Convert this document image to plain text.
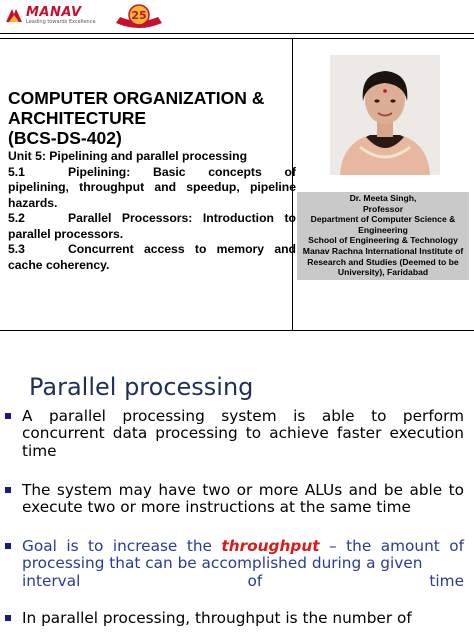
MANAV
Leading towards Excellence	25
COMPUTER ORGANIZATION &
ARCHITECTURE
(BCS-DS-402)
Unit 5: Pipelining and parallel processing
5.1	Pipelining: Basic concepts of pipelining, throughput and speedup, pipeline hazards.
5.2	Parallel Processors: Introduction to parallel processors.
5.3	Concurrent access to memory and cache coherency.
Dr. Meeta Singh,
Professor
Department of Computer Science & Engineering
School of Engineering & Technology
Manav Rachna International Institute of Research and Studies (Deemed to be University), Faridabad
Parallel processing
A parallel processing system is able to perform concurrent data processing to achieve faster execution time
The system may have two or more ALUs and be able to execute two or more instructions at the same time
Goal is to increase the throughput – the amount of processing that can be accomplished during a given
interval	of	time
In parallel processing, throughput is the number of
